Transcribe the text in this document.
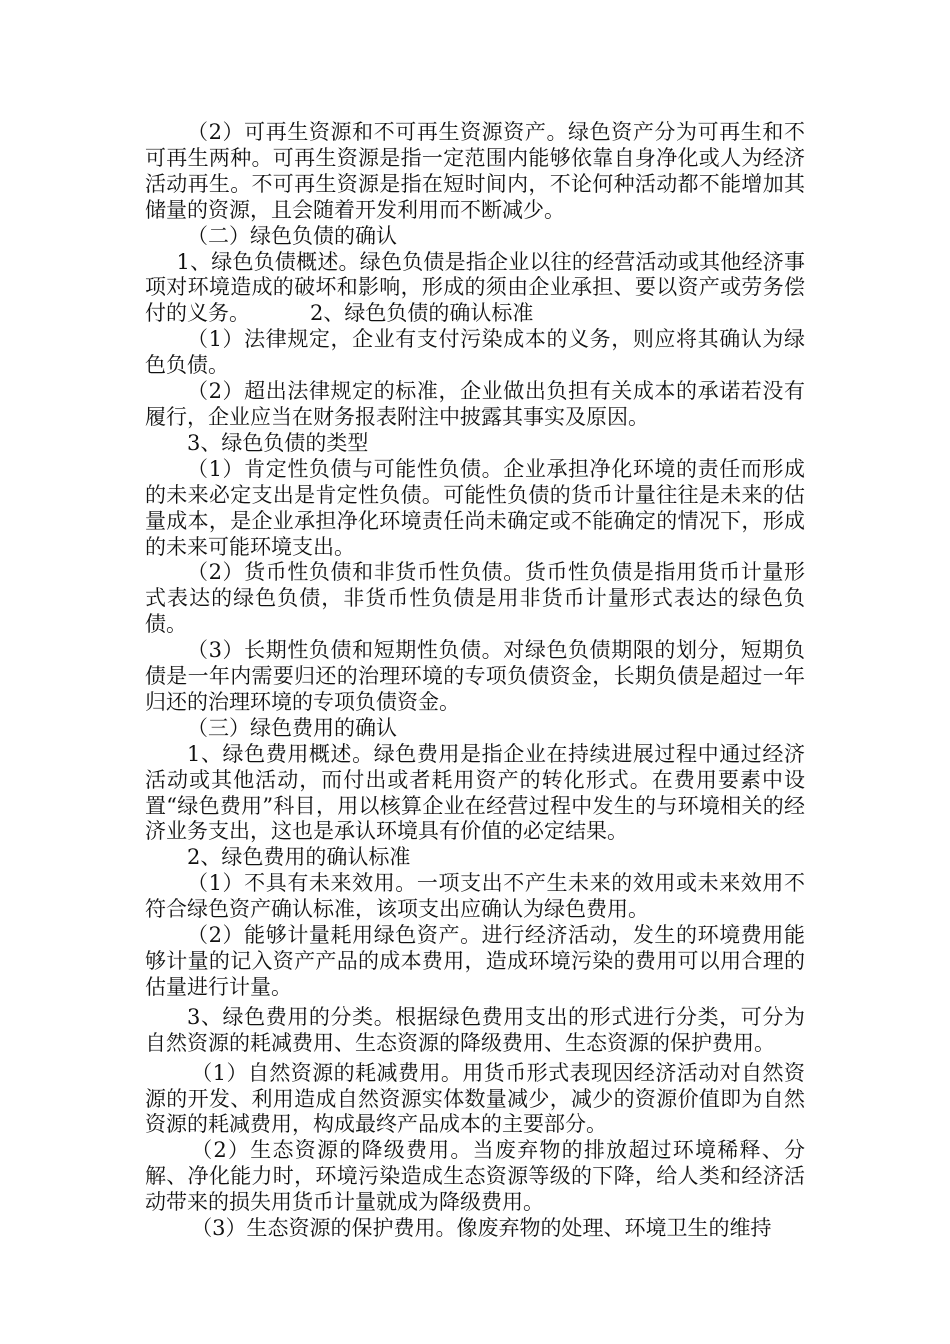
（2）可再生资源和不可再生资源资产。绿色资产分为可再生和不可再生两种。可再生资源是指一定范围内能够依靠自身净化或人为经济活动再生。不可再生资源是指在短时间内，不论何种活动都不能增加其储量的资源，且会随着开发利用而不断减少。

（二）绿色负债的确认

1、绿色负债概述。绿色负债是指企业以往的经营活动或其他经济事项对环境造成的破坏和影响，形成的须由企业承担、要以资产或劳务偿付的义务。	2、绿色负债的确认标准

（1）法律规定，企业有支付污染成本的义务，则应将其确认为绿色负债。

（2）超出法律规定的标准，企业做出负担有关成本的承诺若没有履行，企业应当在财务报表附注中披露其事实及原因。

3、绿色负债的类型

（1）肯定性负债与可能性负债。企业承担净化环境的责任而形成的未来必定支出是肯定性负债。可能性负债的货币计量往往是未来的估量成本，是企业承担净化环境责任尚未确定或不能确定的情况下，形成的未来可能环境支出。

（2）货币性负债和非货币性负债。货币性负债是指用货币计量形式表达的绿色负债，非货币性负债是用非货币计量形式表达的绿色负债。

（3）长期性负债和短期性负债。对绿色负债期限的划分，短期负债是一年内需要归还的治理环境的专项负债资金，长期负债是超过一年归还的治理环境的专项负债资金。

（三）绿色费用的确认

1、绿色费用概述。绿色费用是指企业在持续进展过程中通过经济活动或其他活动，而付出或者耗用资产的转化形式。在费用要素中设置“绿色费用”科目，用以核算企业在经营过程中发生的与环境相关的经济业务支出，这也是承认环境具有价值的必定结果。

2、绿色费用的确认标准

（1）不具有未来效用。一项支出不产生未来的效用或未来效用不符合绿色资产确认标准，该项支出应确认为绿色费用。

（2）能够计量耗用绿色资产。进行经济活动，发生的环境费用能够计量的记入资产产品的成本费用，造成环境污染的费用可以用合理的估量进行计量。

3、绿色费用的分类。根据绿色费用支出的形式进行分类，可分为自然资源的耗减费用、生态资源的降级费用、生态资源的保护费用。

（1）自然资源的耗减费用。用货币形式表现因经济活动对自然资源的开发、利用造成自然资源实体数量减少，减少的资源价值即为自然资源的耗减费用，构成最终产品成本的主要部分。

（2）生态资源的降级费用。当废弃物的排放超过环境稀释、分解、净化能力时，环境污染造成生态资源等级的下降，给人类和经济活动带来的损失用货币计量就成为降级费用。

（3）生态资源的保护费用。像废弃物的处理、环境卫生的维持
